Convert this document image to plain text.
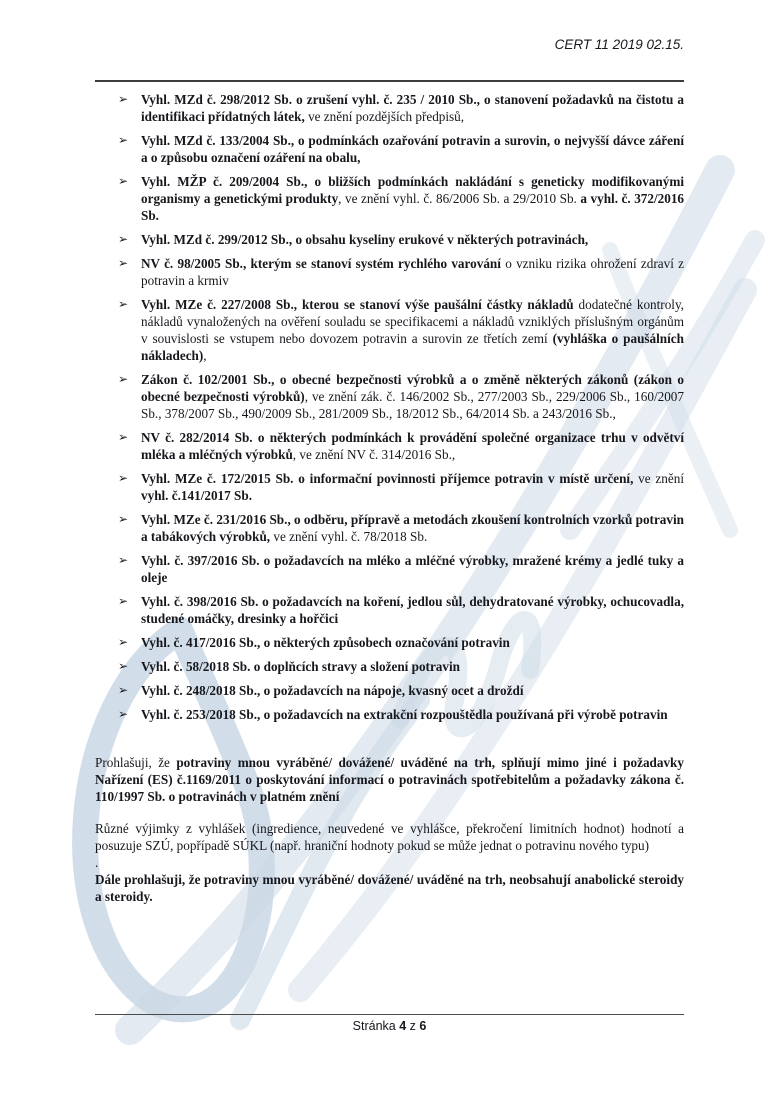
CERT 11 2019 02.15.
➢ Vyhl. MZd č. 298/2012 Sb. o zrušení vyhl. č. 235 / 2010 Sb., o stanovení požadavků na čistotu a identifikaci přídatných látek, ve znění pozdějších předpisů,
➢ Vyhl. MZd č. 133/2004 Sb., o podmínkách ozařování potravin a surovin, o nejvyšší dávce záření a o způsobu označení ozáření na obalu,
➢ Vyhl. MŽP č. 209/2004 Sb., o bližších podmínkách nakládání s geneticky modifikovanými organismy a genetickými produkty, ve znění vyhl. č. 86/2006 Sb. a 29/2010 Sb. a vyhl. č. 372/2016 Sb.
➢ Vyhl. MZd č. 299/2012 Sb., o obsahu kyseliny erukové v některých potravinách,
➢ NV č. 98/2005 Sb., kterým se stanoví systém rychlého varování o vzniku rizika ohrožení zdraví z potravin a krmiv
➢ Vyhl. MZe č. 227/2008 Sb., kterou se stanoví výše paušální částky nákladů dodatečné kontroly, nákladů vynaložených na ověření souladu se specifikacemi a nákladů vzniklých příslušným orgánům v souvislosti se vstupem nebo dovozem potravin a surovin ze třetích zemí (vyhláška o paušálních nákladech),
➢ Zákon č. 102/2001 Sb., o obecné bezpečnosti výrobků a o změně některých zákonů (zákon o obecné bezpečnosti výrobků), ve znění zák. č. 146/2002 Sb., 277/2003 Sb., 229/2006 Sb., 160/2007 Sb., 378/2007 Sb., 490/2009 Sb., 281/2009 Sb., 18/2012 Sb., 64/2014 Sb. a 243/2016 Sb.,
➢ NV č. 282/2014 Sb. o některých podmínkách k provádění společné organizace trhu v odvětví mléka a mléčných výrobků, ve znění NV č. 314/2016 Sb.,
➢ Vyhl. MZe č. 172/2015 Sb. o informační povinnosti příjemce potravin v místě určení, ve znění vyhl. č.141/2017 Sb.
➢ Vyhl. MZe č. 231/2016 Sb., o odběru, přípravě a metodách zkoušení kontrolních vzorků potravin a tabákových výrobků, ve znění vyhl. č. 78/2018 Sb.
➢ Vyhl. č. 397/2016 Sb. o požadavcích na mléko a mléčné výrobky, mražené krémy a jedlé tuky a oleje
➢ Vyhl. č. 398/2016 Sb. o požadavcích na koření, jedlou sůl, dehydratované výrobky, ochucovadla, studené omáčky, dresinky a hořčici
➢ Vyhl. č. 417/2016 Sb., o některých způsobech označování potravin
➢ Vyhl. č. 58/2018 Sb. o doplňcích stravy a složení potravin
➢ Vyhl. č. 248/2018 Sb., o požadavcích na nápoje, kvasný ocet a droždí
➢ Vyhl. č. 253/2018 Sb., o požadavcích na extrakční rozpouštědla používaná při výrobě potravin

Prohlašuji, že potraviny mnou vyráběné/ dovážené/ uváděné na trh, splňují mimo jiné i požadavky Nařízení (ES) č.1169/2011 o poskytování informací o potravinách spotřebitelům a požadavky zákona č. 110/1997 Sb. o potravinách v platném znění

Různé výjimky z vyhlášek (ingredience, neuvedené ve vyhlášce, překročení limitních hodnot) hodnotí a posuzuje SZÚ, popřípadě SÚKL (např. hraniční hodnoty pokud se může jednat o potravinu nového typu)

.

Dále prohlašuji, že potraviny mnou vyráběné/ dovážené/ uváděné na trh, neobsahují anabolické steroidy a steroidy.

Stránka 4 z 6
